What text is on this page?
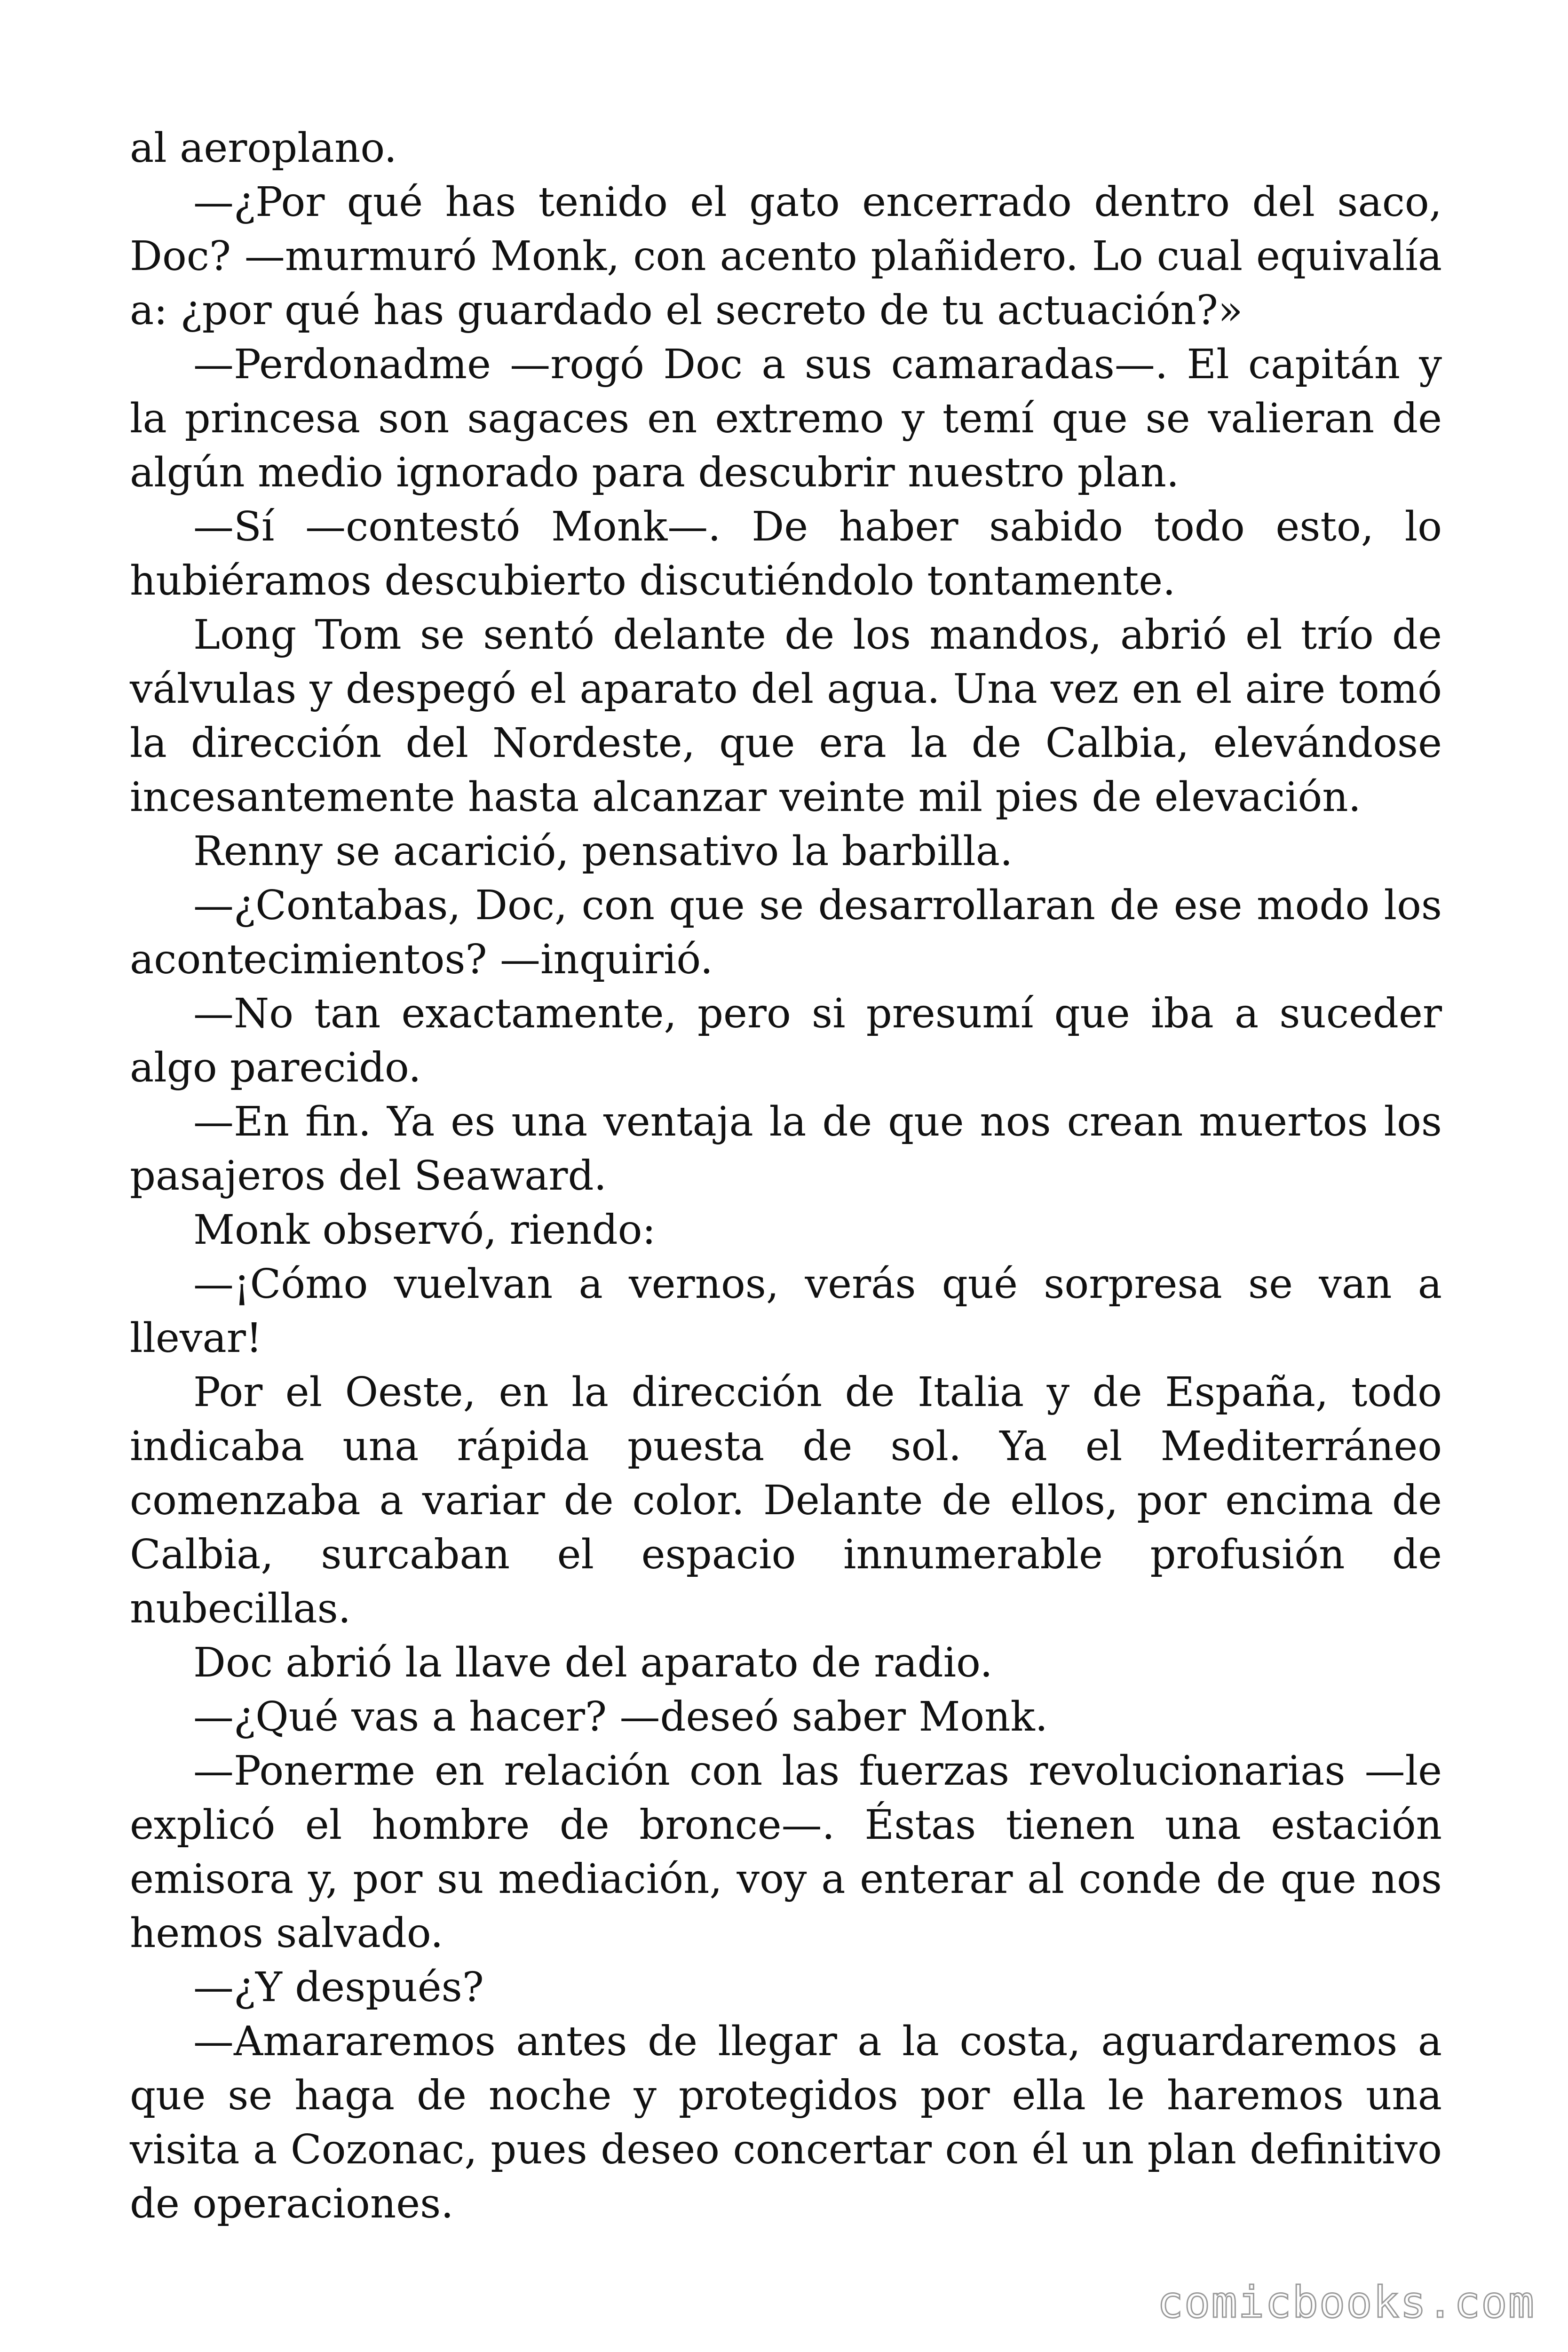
al aeroplano.

—¿Por qué has tenido el gato encerrado dentro del saco, Doc? —murmuró Monk, con acento plañidero. Lo cual equivalía a: ¿por qué has guardado el secreto de tu actuación?»

—Perdonadme —rogó Doc a sus camaradas—. El capitán y la princesa son sagaces en extremo y temí que se valieran de algún medio ignorado para descubrir nuestro plan.

—Sí —contestó Monk—. De haber sabido todo esto, lo hubiéramos descubierto discutiéndolo tontamente.

Long Tom se sentó delante de los mandos, abrió el trío de válvulas y despegó el aparato del agua. Una vez en el aire tomó la dirección del Nordeste, que era la de Calbia, elevándose incesantemente hasta alcanzar veinte mil pies de elevación.

Renny se acarició, pensativo la barbilla.

—¿Contabas, Doc, con que se desarrollaran de ese modo los acontecimientos? —inquirió.

—No tan exactamente, pero si presumí que iba a suceder algo parecido.

—En fin. Ya es una ventaja la de que nos crean muertos los pasajeros del Seaward.

Monk observó, riendo:

—¡Cómo vuelvan a vernos, verás qué sorpresa se van a llevar!

Por el Oeste, en la dirección de Italia y de España, todo indicaba una rápida puesta de sol. Ya el Mediterráneo comenzaba a variar de color. Delante de ellos, por encima de Calbia, surcaban el espacio innumerable profusión de nubecillas.

Doc abrió la llave del aparato de radio.

—¿Qué vas a hacer? —deseó saber Monk.

—Ponerme en relación con las fuerzas revolucionarias —le explicó el hombre de bronce—. Éstas tienen una estación emisora y, por su mediación, voy a enterar al conde de que nos hemos salvado.

—¿Y después?

—Amararemos antes de llegar a la costa, aguardaremos a que se haga de noche y protegidos por ella le haremos una visita a Cozonac, pues deseo concertar con él un plan definitivo de operaciones.

comicbooks.com
